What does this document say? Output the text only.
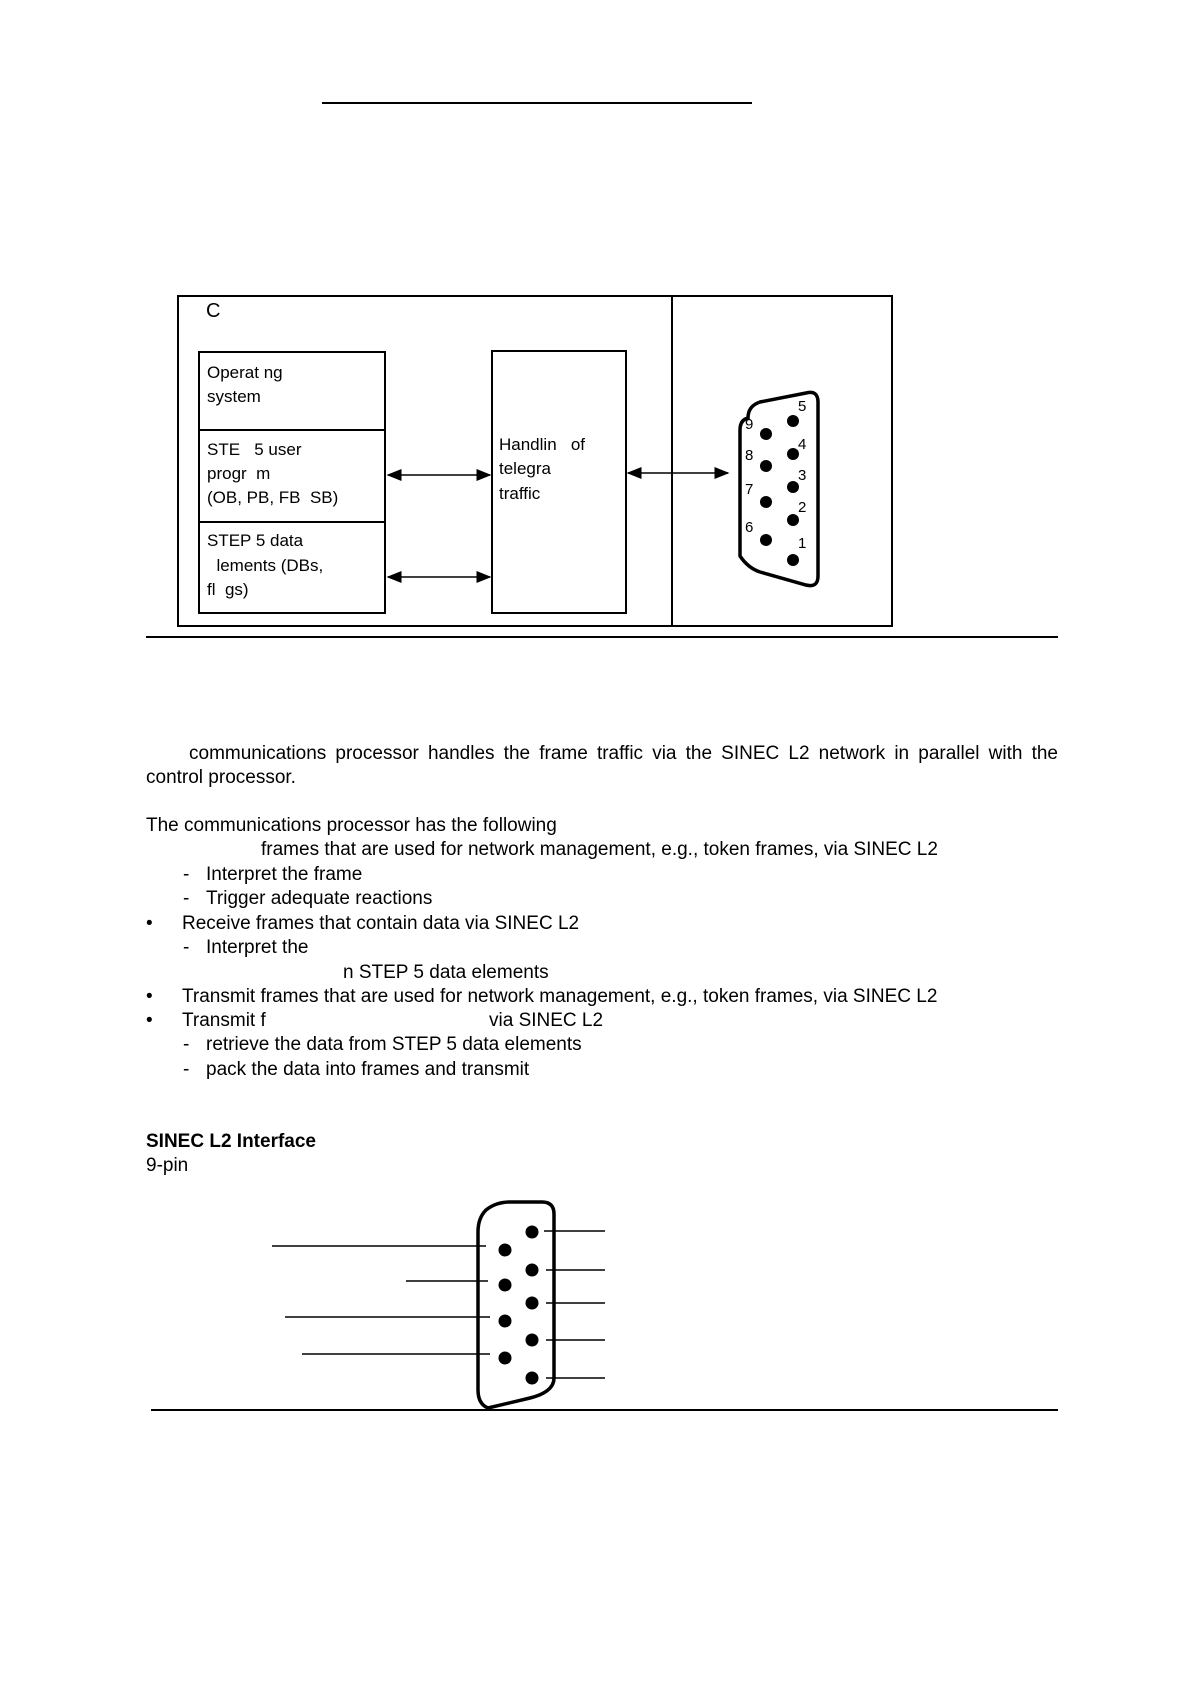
C
Operat ng
system
STE   5 user
progr  m
(OB, PB, FB  SB)
STEP 5 data
lements (DBs,
fl  gs)
Handlin   of
telegra
traffic
5
4
3
2
1
9
8
7
6
communications processor handles the frame traffic via the SINEC L2 network in parallel with the control processor.
The communications processor has the following
frames that are used for network management, e.g., token frames, via SINEC L2
- Interpret the frame
- Trigger adequate reactions
• Receive frames that contain data via SINEC L2
- Interpret the
n STEP 5 data elements
• Transmit frames that are used for network management, e.g., token frames, via SINEC L2
• Transmit f	via SINEC L2
- retrieve the data from STEP 5 data elements
- pack the data into frames and transmit
SINEC L2 Interface
9-pin
